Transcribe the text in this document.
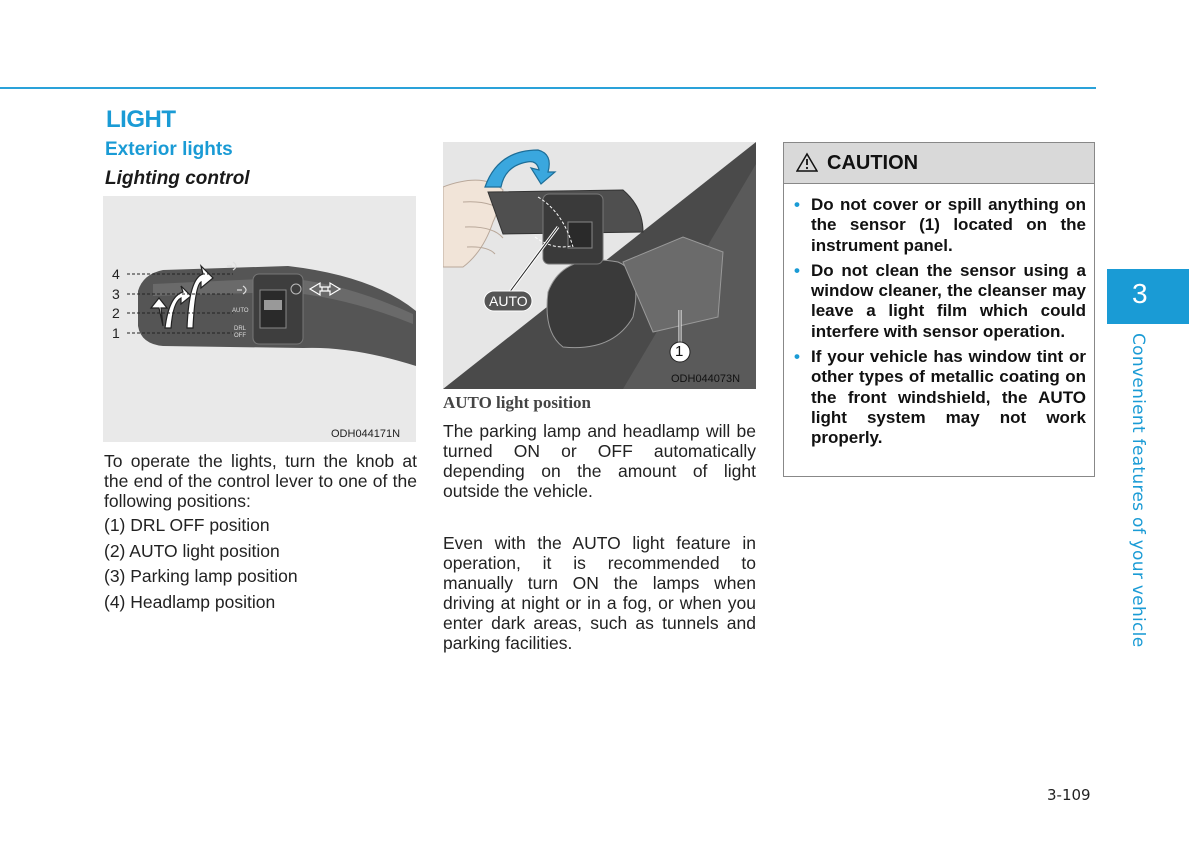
LIGHT
Exterior lights
Lighting control
4
3
2
1
AUTO
DRL
OFF
ODH044171N

To operate the lights, turn the knob at the end of the control lever to one of the following positions:

(1) DRL OFF position
(2) AUTO light position
(3) Parking lamp position
(4) Headlamp position
AUTO
1
ODH044073N
AUTO light position

The parking lamp and headlamp will be turned ON or OFF automatically depending on the amount of light outside the vehicle.

Even with the AUTO light feature in operation, it is recommended to manually turn ON the lamps when driving at night or in a fog, or when you enter dark areas, such as tunnels and parking facilities.

CAUTION
• Do not cover or spill anything on the sensor (1) located on the instrument panel.
• Do not clean the sensor using a window cleaner, the cleanser may leave a light film which could interfere with sensor operation.
• If your vehicle has window tint or other types of metallic coating on the front windshield, the AUTO light system may not work properly.
3
Convenient features of your vehicle
3-109
